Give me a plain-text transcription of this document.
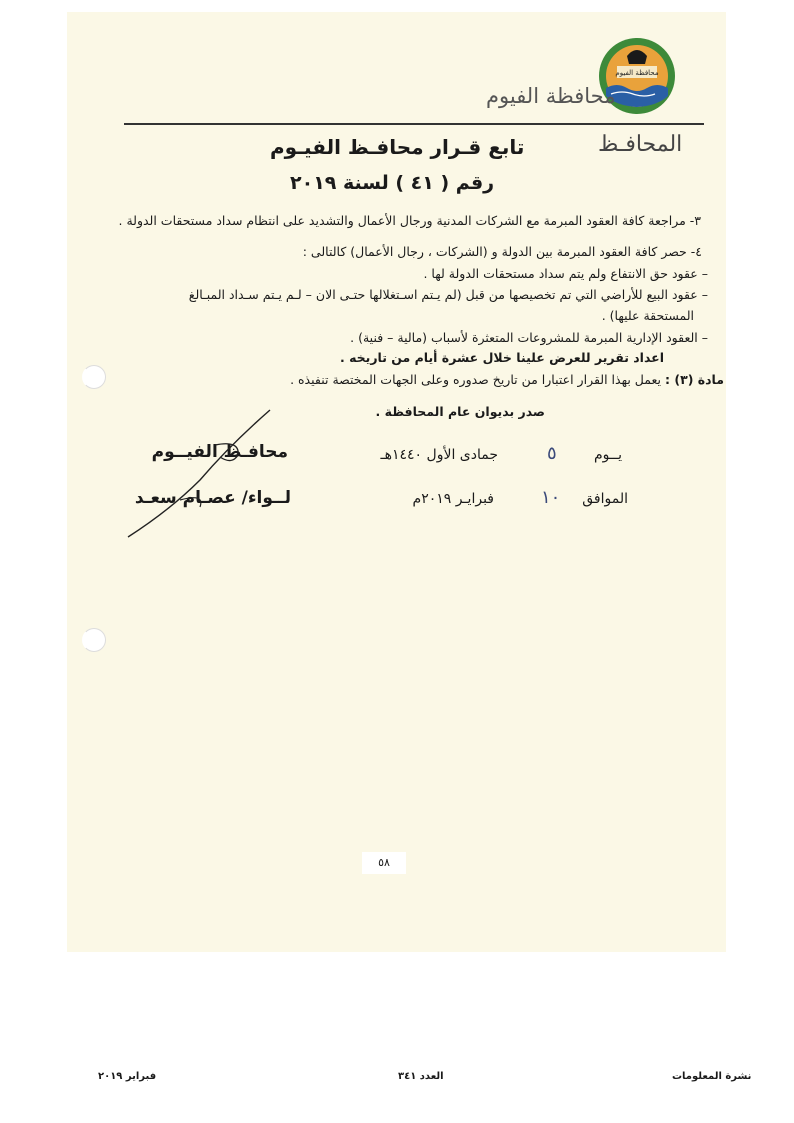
محافظة الفيوم
محافظة الفيوم
المحافـظ
تابع قـرار محافـظ الفيـوم
رقم ( ٤١ ) لسنة ٢٠١٩
٣- مراجعة كافة العقود المبرمة مع الشركات المدنية ورجال الأعمال والتشديد على انتظام سداد مستحقات الدولة .
٤- حصر كافة العقود المبرمة بين الدولة و (الشركات ، رجال الأعمال) كالتالى :
– عقود حق الانتفاع ولم يتم سداد مستحقات الدولة لها .
– عقود البيع للأراضي التي تم تخصيصها من قبل (لم يـتم اسـتغلالها حتـى الان – لـم يـتم سـداد المبـالغ
المستحقة عليها) .
– العقود الإدارية المبرمة للمشروعات المتعثرة لأسباب (مالية – فنية) .
اعداد تقرير للعرض علينا خلال عشرة أيام من تاريخه .
مادة (٣) : يعمل بهذا القرار اعتبارا من تاريخ صدوره وعلى الجهات المختصة تنفيذه .
صدر بديوان عام المحافظة .
يــوم
٥
جمادى الأول ١٤٤٠هـ
محافـظ الفيــوم
الموافق
١٠
فبرايـر ٢٠١٩م
لــواء/ عصـام سعـد
٥٨
نشرة المعلومات
العدد ٣٤١
فبراير ٢٠١٩
